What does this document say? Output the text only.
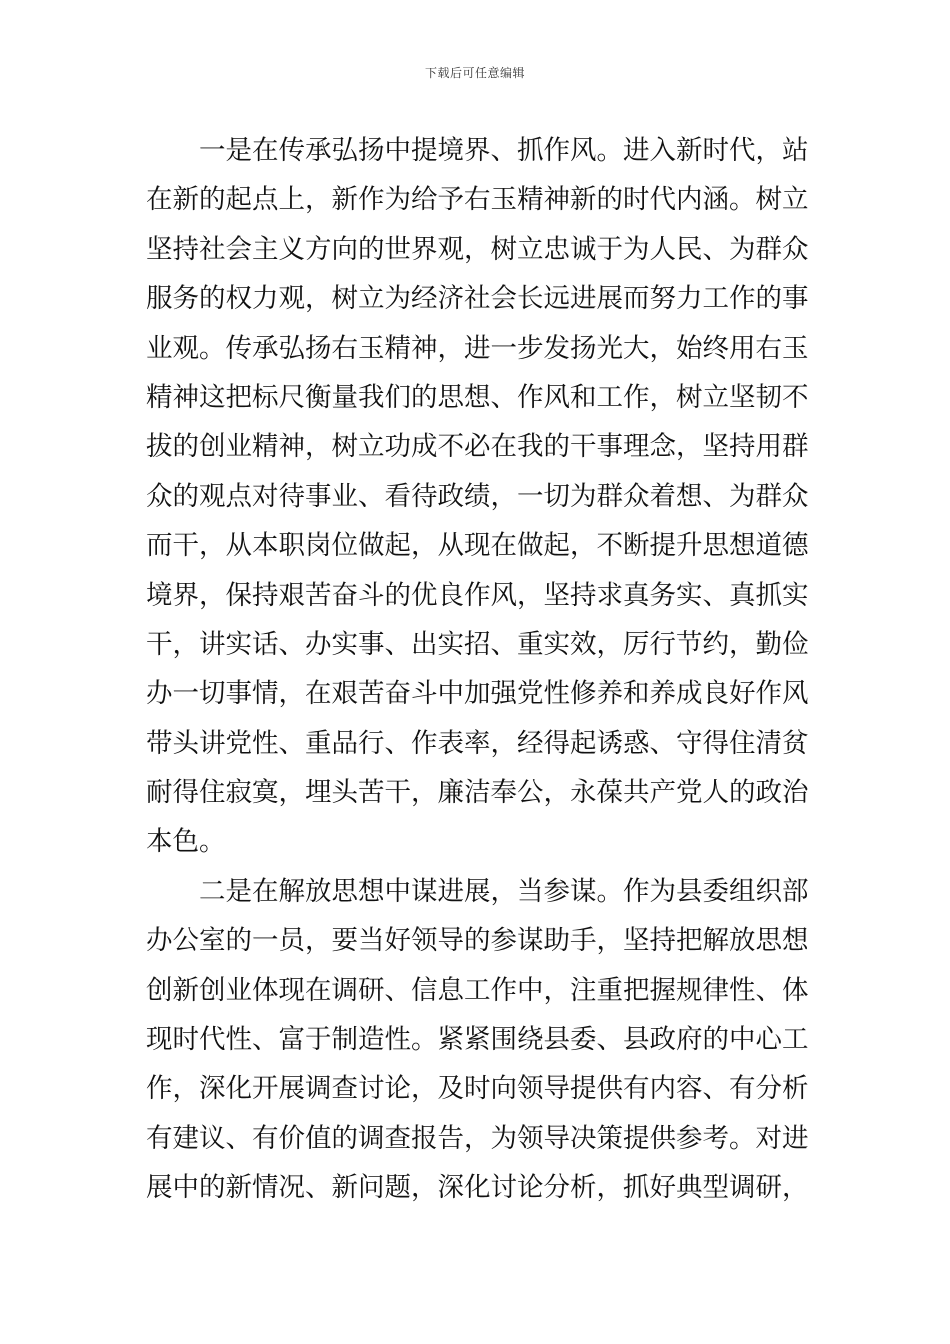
下载后可任意编辑
一是在传承弘扬中提境界、抓作风。进入新时代，站
在新的起点上，新作为给予右玉精神新的时代内涵。树立
坚持社会主义方向的世界观，树立忠诚于为人民、为群众
服务的权力观，树立为经济社会长远进展而努力工作的事
业观。传承弘扬右玉精神，进一步发扬光大，始终用右玉
精神这把标尺衡量我们的思想、作风和工作，树立坚韧不
拔的创业精神，树立功成不必在我的干事理念，坚持用群
众的观点对待事业、看待政绩，一切为群众着想、为群众
而干，从本职岗位做起，从现在做起，不断提升思想道德
境界，保持艰苦奋斗的优良作风，坚持求真务实、真抓实
干，讲实话、办实事、出实招、重实效，厉行节约，勤俭
办一切事情，在艰苦奋斗中加强党性修养和养成良好作风
带头讲党性、重品行、作表率，经得起诱惑、守得住清贫
耐得住寂寞，埋头苦干，廉洁奉公，永葆共产党人的政治
本色。
二是在解放思想中谋进展，当参谋。作为县委组织部
办公室的一员，要当好领导的参谋助手，坚持把解放思想
创新创业体现在调研、信息工作中，注重把握规律性、体
现时代性、富于制造性。紧紧围绕县委、县政府的中心工
作，深化开展调查讨论，及时向领导提供有内容、有分析
有建议、有价值的调查报告，为领导决策提供参考。对进
展中的新情况、新问题，深化讨论分析，抓好典型调研，
